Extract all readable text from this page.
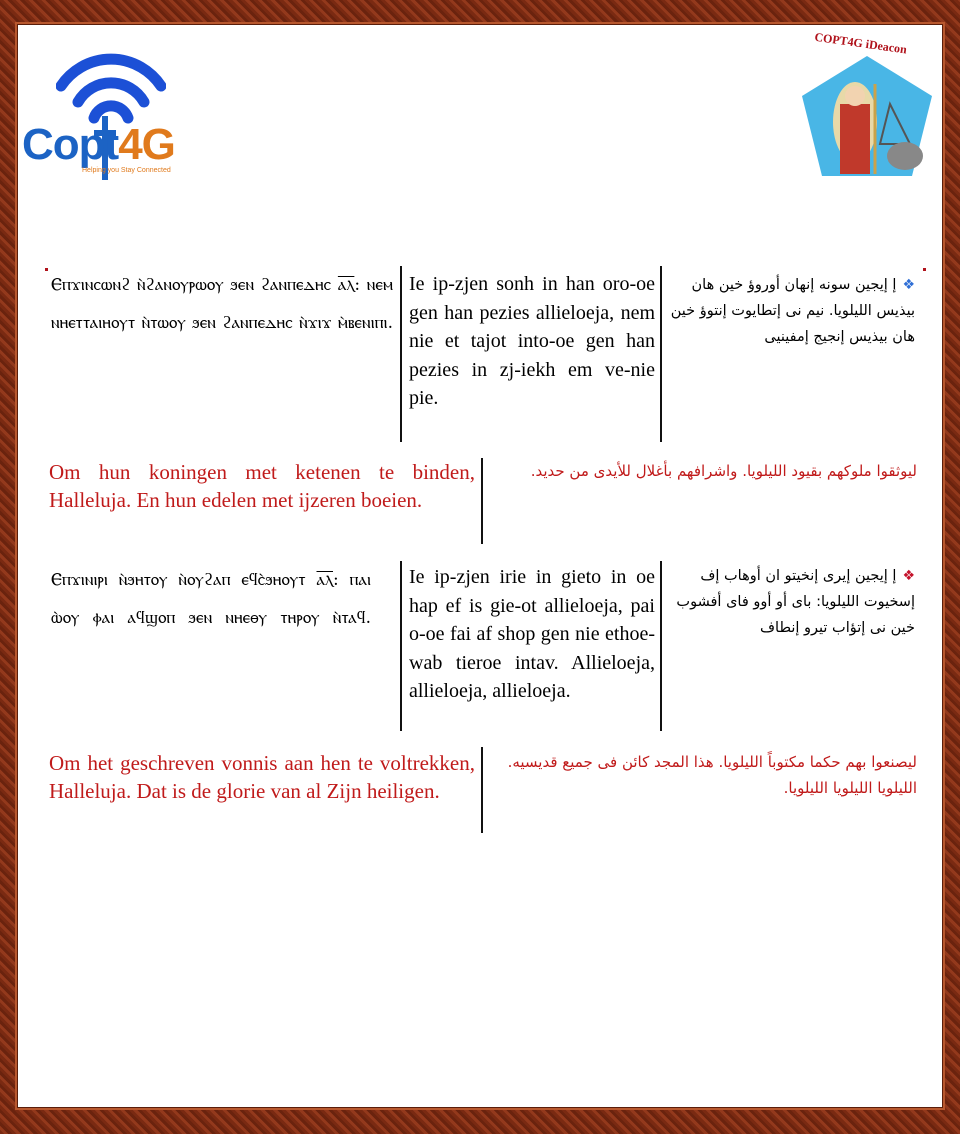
Copt4G
Helping you Stay Connected
COPT4G iDeacon
Ⲉⲡϫⲓⲛⲥⲱⲛϩ ⲛ̀ϩⲁⲛⲟⲩⲣⲱⲟⲩ ϧⲉⲛ ϩⲁⲛⲡⲉⲇⲏⲥ ⲁ̅ⲗ̅: ⲛⲉⲙ ⲛⲏⲉⲧⲧⲁⲓⲏⲟⲩⲧ ⲛ̀ⲧⲱⲟⲩ ϧⲉⲛ ϩⲁⲛⲡⲉⲇⲏⲥ ⲛ̀ϫⲓϫ ⲙ̀ⲃⲉⲛⲓⲡⲓ.
Ie ip-zjen sonh in han oro-oe gen han pezies allieloeja, nem nie et tajot into-oe gen han pezies in zj-iekh em ve-nie pie.
❖إ إيجين سونه إنهان أوروؤ خين هان بيذيس الليلويا. نيم نى إتطايوت إنتوؤ خين هان بيذيس إنجيج إمفينيى
Om hun koningen met ketenen te binden, Halleluja. En hun edelen met ijzeren boeien.
ليوثقوا ملوكهم بقيود الليلويا. واشرافهم بأغلال للأيدى من حديد.
Ⲉⲡϫⲓⲛⲓⲣⲓ ⲛ̀ϧⲏⲧⲟⲩ ⲛ̀ⲟⲩϩⲁⲡ ⲉϥⲥ̀ϧⲏⲟⲩⲧ ⲁ̅ⲗ̅: ⲡⲁⲓ ⲱ̀ⲟⲩ ⲫⲁⲓ ⲁϥϣⲟⲡ ϧⲉⲛ ⲛⲏⲉⲑⲩ ⲧⲏⲣⲟⲩ ⲛ̀ⲧⲁϥ.
Ie ip-zjen irie in gieto in oe hap ef is gie-ot allieloeja, pai o-oe fai af shop gen nie ethoe-wab tieroe intav. Allieloeja, allieloeja, allieloeja.
❖إ إيجين إيرى إنخيتو ان أوهاب إف إسخيوت الليلويا: باى أو أوو فاى أفشوب خين نى إتؤاب تيرو إنطاف
Om het geschreven vonnis aan hen te voltrekken, Halleluja. Dat is de glorie van al Zijn heiligen.
ليصنعوا بهم حكما مكتوباً الليلويا. هذا المجد كائن فى جميع قديسيه. الليلويا الليلويا الليلويا.
